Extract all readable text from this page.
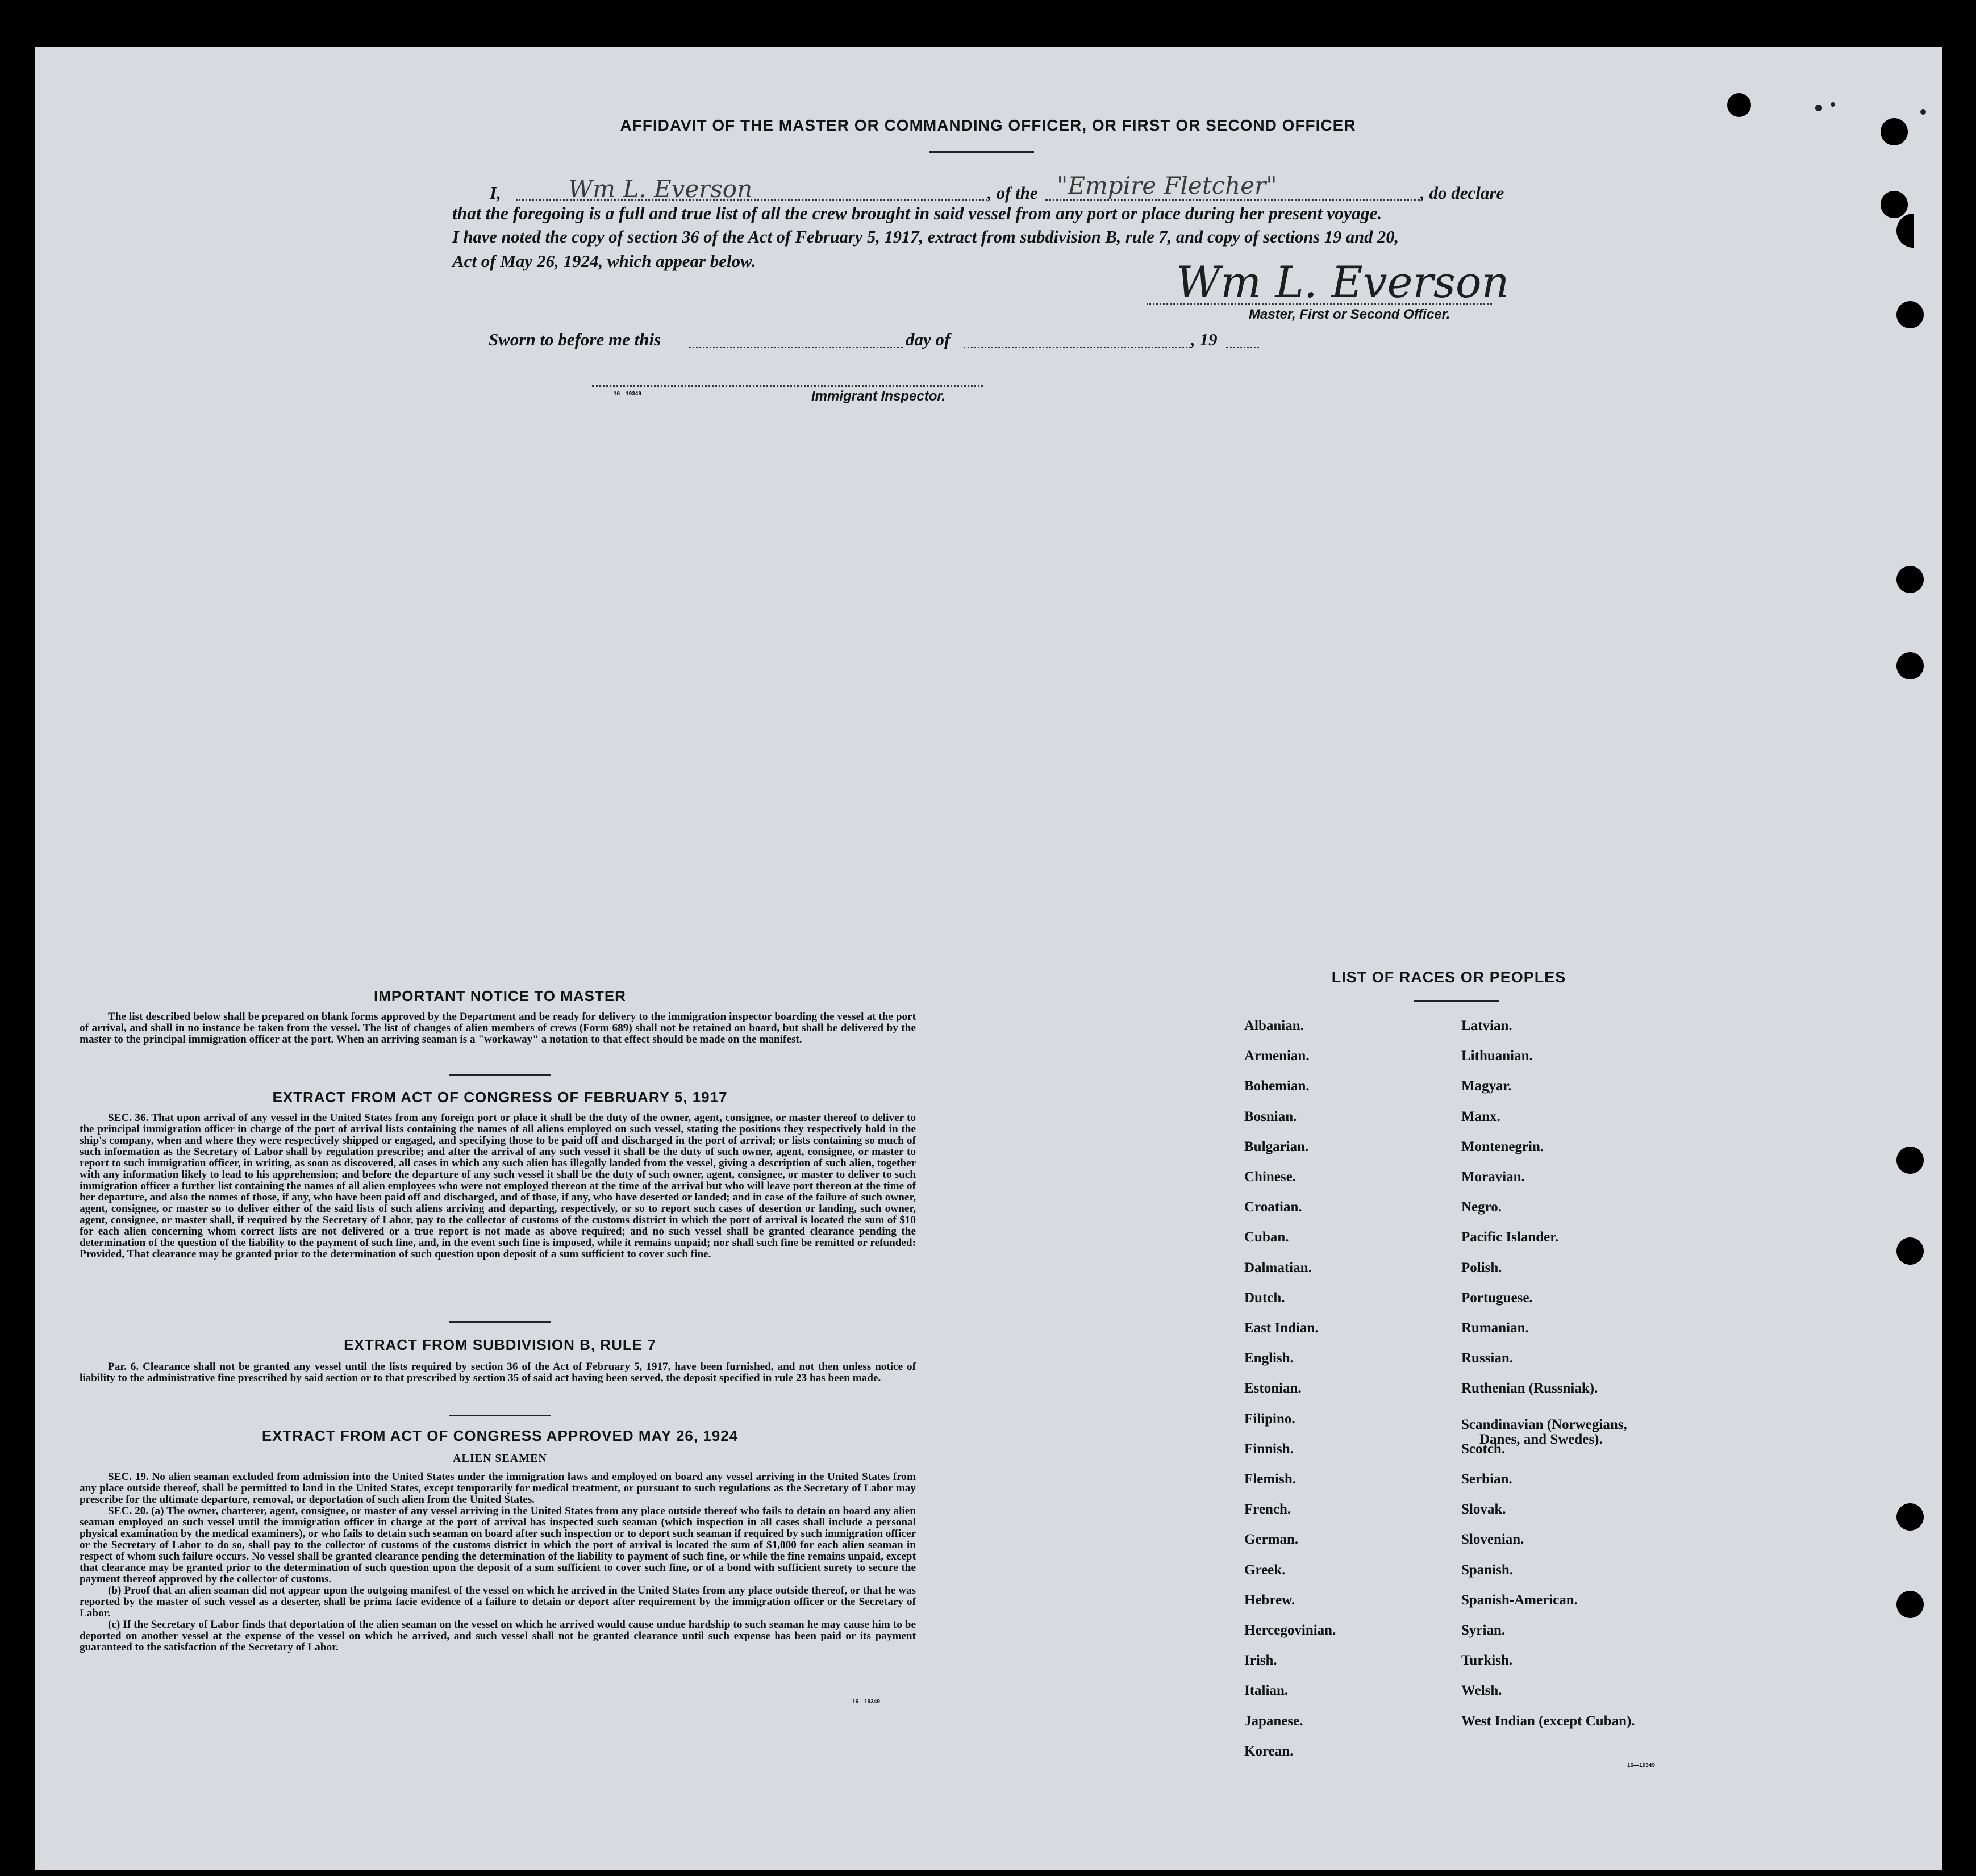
AFFIDAVIT OF THE MASTER OR COMMANDING OFFICER, OR FIRST OR SECOND OFFICER
I,	Wm L. Everson	, of the "Empire Fletcher"	, do declare
that the foregoing is a full and true list of all the crew brought in said vessel from any port or place during her present voyage.
I have noted the copy of section 36 of the Act of February 5, 1917, extract from subdivision B, rule 7, and copy of sections 19 and 20,
Act of May 26, 1924, which appear below.	Wm L. Everson
Master, First or Second Officer.
Sworn to before me this	day of	, 19
16—19349	Immigrant Inspector.
IMPORTANT NOTICE TO MASTER

The list described below shall be prepared on blank forms approved by the Department and be ready for delivery to the immigration inspector boarding the vessel at the port of arrival, and shall in no instance be taken from the vessel. The list of changes of alien members of crews (Form 689) shall not be retained on board, but shall be delivered by the master to the principal immigration officer at the port. When an arriving seaman is a "workaway" a notation to that effect should be made on the manifest.

EXTRACT FROM ACT OF CONGRESS OF FEBRUARY 5, 1917

SEC. 36. That upon arrival of any vessel in the United States from any foreign port or place it shall be the duty of the owner, agent, consignee, or master thereof to deliver to the principal immigration officer in charge of the port of arrival lists containing the names of all aliens employed on such vessel, stating the positions they respectively hold in the ship's company, when and where they were respectively shipped or engaged, and specifying those to be paid off and discharged in the port of arrival; or lists containing so much of such information as the Secretary of Labor shall by regulation prescribe; and after the arrival of any such vessel it shall be the duty of such owner, agent, consignee, or master to report to such immigration officer, in writing, as soon as discovered, all cases in which any such alien has illegally landed from the vessel, giving a description of such alien, together with any information likely to lead to his apprehension; and before the departure of any such vessel it shall be the duty of such owner, agent, consignee, or master to deliver to such immigration officer a further list containing the names of all alien employees who were not employed thereon at the time of the arrival but who will leave port thereon at the time of her departure, and also the names of those, if any, who have been paid off and discharged, and of those, if any, who have deserted or landed; and in case of the failure of such owner, agent, consignee, or master so to deliver either of the said lists of such aliens arriving and departing, respectively, or so to report such cases of desertion or landing, such owner, agent, consignee, or master shall, if required by the Secretary of Labor, pay to the collector of customs of the customs district in which the port of arrival is located the sum of $10 for each alien concerning whom correct lists are not delivered or a true report is not made as above required; and no such vessel shall be granted clearance pending the determination of the question of the liability to the payment of such fine, and, in the event such fine is imposed, while it remains unpaid; nor shall such fine be remitted or refunded: Provided, That clearance may be granted prior to the determination of such question upon deposit of a sum sufficient to cover such fine.

EXTRACT FROM SUBDIVISION B, RULE 7

Par. 6. Clearance shall not be granted any vessel until the lists required by section 36 of the Act of February 5, 1917, have been furnished, and not then unless notice of liability to the administrative fine prescribed by said section or to that prescribed by section 35 of said act having been served, the deposit specified in rule 23 has been made.

EXTRACT FROM ACT OF CONGRESS APPROVED MAY 26, 1924
ALIEN SEAMEN

SEC. 19. No alien seaman excluded from admission into the United States under the immigration laws and employed on board any vessel arriving in the United States from any place outside thereof, shall be permitted to land in the United States, except temporarily for medical treatment, or pursuant to such regulations as the Secretary of Labor may prescribe for the ultimate departure, removal, or deportation of such alien from the United States.

SEC. 20. (a) The owner, charterer, agent, consignee, or master of any vessel arriving in the United States from any place outside thereof who fails to detain on board any alien seaman employed on such vessel until the immigration officer in charge at the port of arrival has inspected such seaman (which inspection in all cases shall include a personal physical examination by the medical examiners), or who fails to detain such seaman on board after such inspection or to deport such seaman if required by such immigration officer or the Secretary of Labor to do so, shall pay to the collector of customs of the customs district in which the port of arrival is located the sum of $1,000 for each alien seaman in respect of whom such failure occurs. No vessel shall be granted clearance pending the determination of the liability to payment of such fine, or while the fine remains unpaid, except that clearance may be granted prior to the determination of such question upon the deposit of a sum sufficient to cover such fine, or of a bond with sufficient surety to secure the payment thereof approved by the collector of customs.

(b) Proof that an alien seaman did not appear upon the outgoing manifest of the vessel on which he arrived in the United States from any place outside thereof, or that he was reported by the master of such vessel as a deserter, shall be prima facie evidence of a failure to detain or deport after requirement by the immigration officer or the Secretary of Labor.

(c) If the Secretary of Labor finds that deportation of the alien seaman on the vessel on which he arrived would cause undue hardship to such seaman he may cause him to be deported on another vessel at the expense of the vessel on which he arrived, and such vessel shall not be granted clearance until such expense has been paid or its payment guaranteed to the satisfaction of the Secretary of Labor.

16—19349
LIST OF RACES OR PEOPLES
Albanian.
Armenian.
Bohemian.
Bosnian.
Bulgarian.
Chinese.
Croatian.
Cuban.
Dalmatian.
Dutch.
East Indian.
English.
Estonian.
Filipino.
Finnish.
Flemish.
French.
German.
Greek.
Hebrew.
Hercegovinian.
Irish.
Italian.
Japanese.
Korean.
Latvian.
Lithuanian.
Magyar.
Manx.
Montenegrin.
Moravian.
Negro.
Pacific Islander.
Polish.
Portuguese.
Rumanian.
Russian.
Ruthenian (Russniak).
Scandinavian (Norwegians,
Danes, and Swedes).
Scotch.
Serbian.
Slovak.
Slovenian.
Spanish.
Spanish-American.
Syrian.
Turkish.
Welsh.
West Indian (except Cuban).
16—19349
